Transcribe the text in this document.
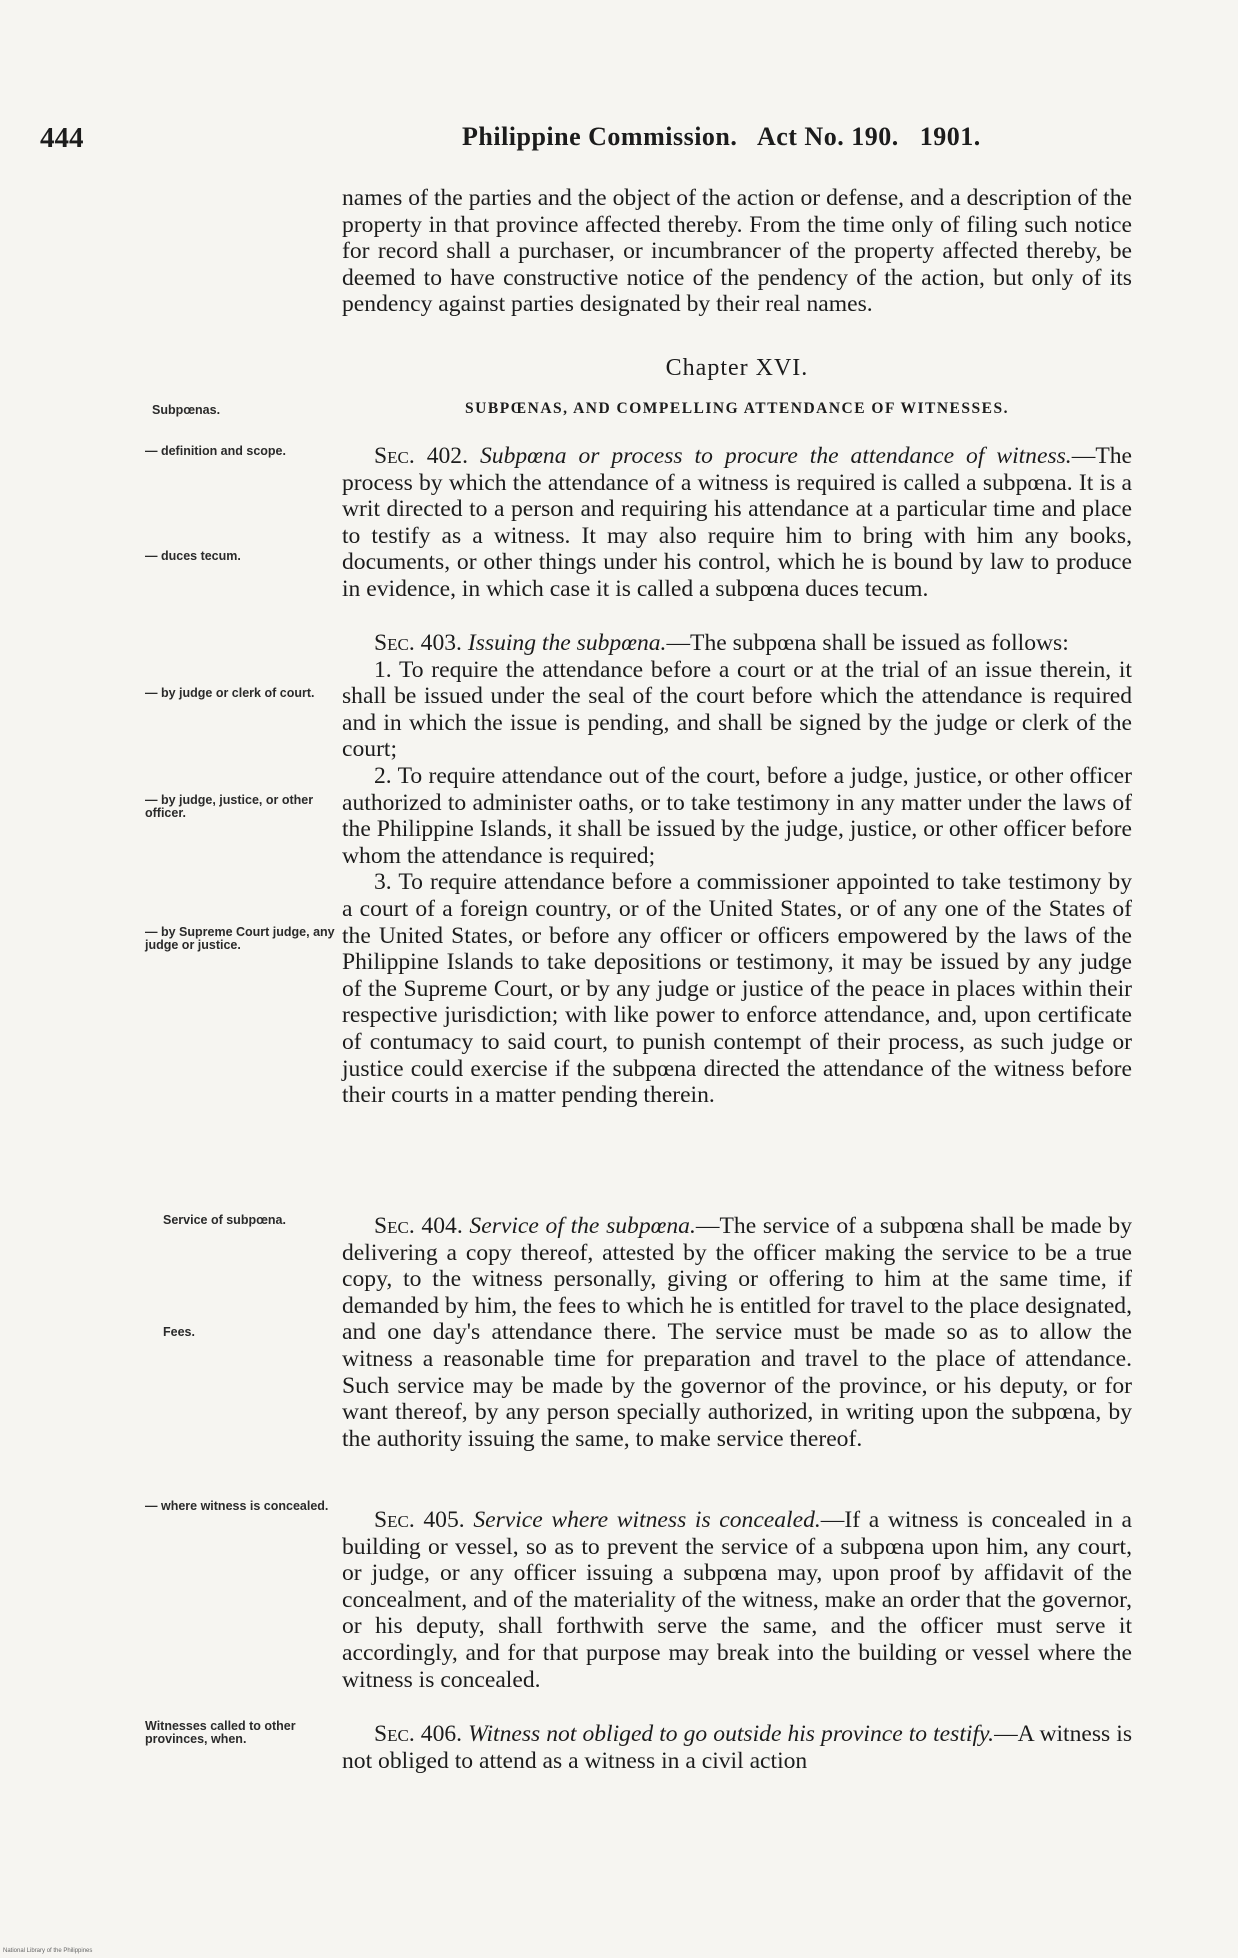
444	Philippine Commission.   Act No. 190.   1901.

names of the parties and the object of the action or defense, and a description of the property in that province affected thereby. From the time only of filing such notice for record shall a purchaser, or incumbrancer of the property affected thereby, be deemed to have constructive notice of the pendency of the action, but only of its pendency against parties designated by their real names.

Chapter XVI.
SUBPŒNAS, AND COMPELLING ATTENDANCE OF WITNESSES.

Sec. 402. Subpœna or process to procure the attendance of witness.—The process by which the attendance of a witness is required is called a subpœna. It is a writ directed to a person and requiring his attendance at a particular time and place to testify as a witness. It may also require him to bring with him any books, documents, or other things under his control, which he is bound by law to produce in evidence, in which case it is called a subpœna duces tecum.

Sec. 403. Issuing the subpœna.—The subpœna shall be issued as follows:

1. To require the attendance before a court or at the trial of an issue therein, it shall be issued under the seal of the court before which the attendance is required and in which the issue is pending, and shall be signed by the judge or clerk of the court;

2. To require attendance out of the court, before a judge, justice, or other officer authorized to administer oaths, or to take testimony in any matter under the laws of the Philippine Islands, it shall be issued by the judge, justice, or other officer before whom the attendance is required;

3. To require attendance before a commissioner appointed to take testimony by a court of a foreign country, or of the United States, or of any one of the States of the United States, or before any officer or officers empowered by the laws of the Philippine Islands to take depositions or testimony, it may be issued by any judge of the Supreme Court, or by any judge or justice of the peace in places within their respective jurisdiction; with like power to enforce attendance, and, upon certificate of contumacy to said court, to punish contempt of their process, as such judge or justice could exercise if the subpœna directed the attendance of the witness before their courts in a matter pending therein.

Sec. 404. Service of the subpœna.—The service of a subpœna shall be made by delivering a copy thereof, attested by the officer making the service to be a true copy, to the witness personally, giving or offering to him at the same time, if demanded by him, the fees to which he is entitled for travel to the place designated, and one day's attendance there. The service must be made so as to allow the witness a reasonable time for preparation and travel to the place of attendance. Such service may be made by the governor of the province, or his deputy, or for want thereof, by any person specially authorized, in writing upon the subpœna, by the authority issuing the same, to make service thereof.

Sec. 405. Service where witness is concealed.—If a witness is concealed in a building or vessel, so as to prevent the service of a subpœna upon him, any court, or judge, or any officer issuing a subpœna may, upon proof by affidavit of the concealment, and of the materiality of the witness, make an order that the governor, or his deputy, shall forthwith serve the same, and the officer must serve it accordingly, and for that purpose may break into the building or vessel where the witness is concealed.

Sec. 406. Witness not obliged to go outside his province to testify.—A witness is not obliged to attend as a witness in a civil action

Subpœnas.
— definition and scope.
— duces tecum.
— by judge or clerk of court.
— by judge, justice, or other officer.
— by Supreme Court judge, any judge or justice.
Service of subpœna.
Fees.
— where witness is concealed.
Witnesses called to other provinces, when.
National Library of the Philippines
